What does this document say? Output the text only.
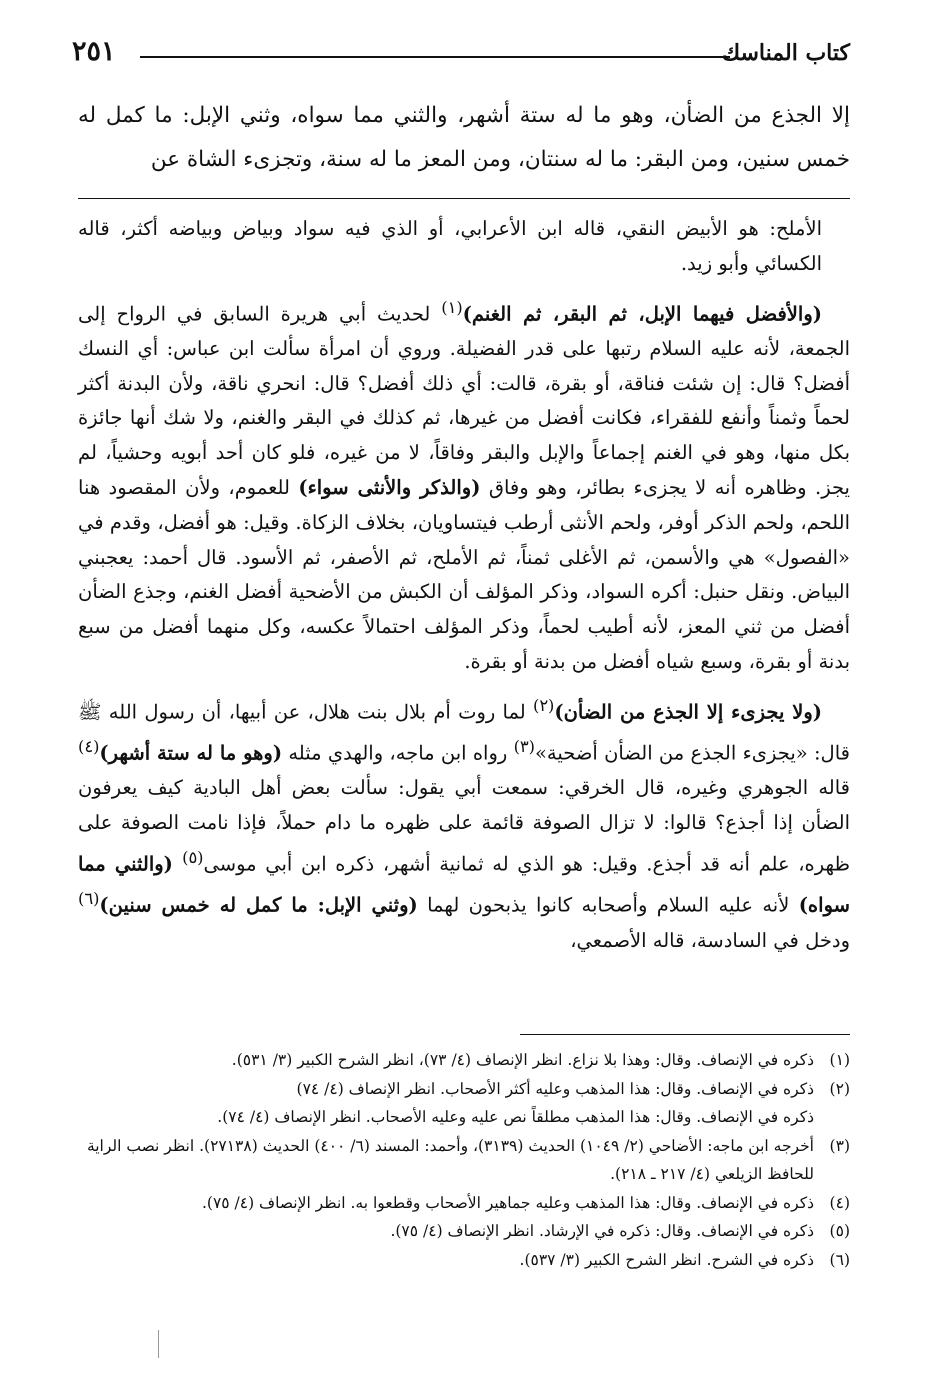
كتاب المناسك
٢٥١
إلا الجذع من الضأن، وهو ما له ستة أشهر، والثني مما سواه، وثني الإبل: ما كمل له خمس سنين، ومن البقر: ما له سنتان، ومن المعز ما له سنة، وتجزىء الشاة عن

الأملح: هو الأبيض النقي، قاله ابن الأعرابي، أو الذي فيه سواد وبياض وبياضه أكثر، قاله الكسائي وأبو زيد.

(والأفضل فيهما الإبل، ثم البقر، ثم الغنم)$^{(١)}$ لحديث أبي هريرة السابق في الرواح إلى الجمعة، لأنه عليه السلام رتبها على قدر الفضيلة. وروي أن امرأة سألت ابن عباس: أي النسك أفضل؟ قال: إن شئت فناقة، أو بقرة، قالت: أي ذلك أفضل؟ قال: انحري ناقة، ولأن البدنة أكثر لحماً وثمناً وأنفع للفقراء، فكانت أفضل من غيرها، ثم كذلك في البقر والغنم، ولا شك أنها جائزة بكل منها، وهو في الغنم إجماعاً والإبل والبقر وفاقاً، لا من غيره، فلو كان أحد أبويه وحشياً، لم يجز. وظاهره أنه لا يجزىء بطائر، وهو وفاق (والذكر والأنثى سواء) للعموم، ولأن المقصود هنا اللحم، ولحم الذكر أوفر، ولحم الأنثى أرطب فيتساويان، بخلاف الزكاة. وقيل: هو أفضل، وقدم في «الفصول» هي والأسمن، ثم الأغلى ثمناً، ثم الأملح، ثم الأصفر، ثم الأسود. قال أحمد: يعجبني البياض. ونقل حنبل: أكره السواد، وذكر المؤلف أن الكبش من الأضحية أفضل الغنم، وجذع الضأن أفضل من ثني المعز، لأنه أطيب لحماً، وذكر المؤلف احتمالاً عكسه، وكل منهما أفضل من سبع بدنة أو بقرة، وسبع شياه أفضل من بدنة أو بقرة.

(ولا يجزىء إلا الجذع من الضأن)$^{(٢)}$ لما روت أم بلال بنت هلال، عن أبيها، أن رسول الله ﷺ قال: «يجزىء الجذع من الضأن أضحية»$^{(٣)}$ رواه ابن ماجه، والهدي مثله (وهو ما له ستة أشهر)$^{(٤)}$ قاله الجوهري وغيره، قال الخرقي: سمعت أبي يقول: سألت بعض أهل البادية كيف يعرفون الضأن إذا أجذع؟ قالوا: لا تزال الصوفة قائمة على ظهره ما دام حملاً، فإذا نامت الصوفة على ظهره، علم أنه قد أجذع. وقيل: هو الذي له ثمانية أشهر، ذكره ابن أبي موسى$^{(٥)}$ (والثني مما سواه) لأنه عليه السلام وأصحابه كانوا يذبحون لهما (وثني الإبل: ما كمل له خمس سنين)$^{(٦)}$ ودخل في السادسة، قاله الأصمعي،

(١)
ذكره في الإنصاف. وقال: وهذا بلا نزاع. انظر الإنصاف (٤/ ٧٣)، انظر الشرح الكبير (٣/ ٥٣١).
(٢)
ذكره في الإنصاف. وقال: هذا المذهب وعليه أكثر الأصحاب. انظر الإنصاف (٤/ ٧٤)
ذكره في الإنصاف. وقال: هذا المذهب مطلقاً نص عليه وعليه الأصحاب. انظر الإنصاف (٤/ ٧٤).
(٣)
أخرجه ابن ماجه: الأضاحي (٢/ ١٠٤٩) الحديث (٣١٣٩)، وأحمد: المسند (٦/ ٤٠٠) الحديث (٢٧١٣٨). انظر نصب الراية للحافظ الزيلعي (٤/ ٢١٧ ـ ٢١٨).
(٤)
ذكره في الإنصاف. وقال: هذا المذهب وعليه جماهير الأصحاب وقطعوا به. انظر الإنصاف (٤/ ٧٥).
(٥)
ذكره في الإنصاف. وقال: ذكره في الإرشاد. انظر الإنصاف (٤/ ٧٥).
(٦)
ذكره في الشرح. انظر الشرح الكبير (٣/ ٥٣٧).
